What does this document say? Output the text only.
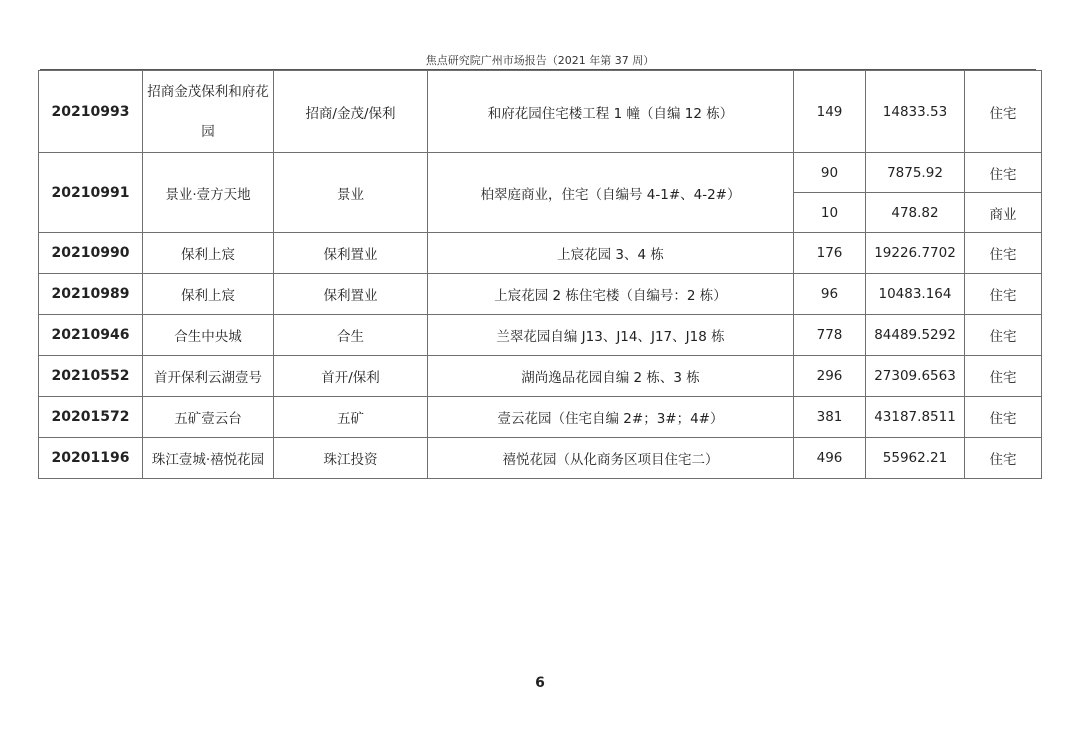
焦点研究院广州市场报告（2021 年第 37 周）
20210993	招商金茂保利和府花园	招商/金茂/保利	和府花园住宅楼工程 1 幢（自编 12 栋）	149	14833.53	住宅
20210991	景业·壹方天地	景业	柏翠庭商业，住宅（自编号 4-1#、4-2#）	90	7875.92	住宅
				10	478.82	商业
20210990	保利上宸	保利置业	上宸花园 3、4 栋	176	19226.7702	住宅
20210989	保利上宸	保利置业	上宸花园 2 栋住宅楼（自编号：2 栋）	96	10483.164	住宅
20210946	合生中央城	合生	兰翠花园自编 J13、J14、J17、J18 栋	778	84489.5292	住宅
20210552	首开保利云湖壹号	首开/保利	湖尚逸品花园自编 2 栋、3 栋	296	27309.6563	住宅
20201572	五矿壹云台	五矿	壹云花园（住宅自编 2#；3#；4#）	381	43187.8511	住宅
20201196	珠江壹城·禧悦花园	珠江投资	禧悦花园（从化商务区项目住宅二）	496	55962.21	住宅
6
